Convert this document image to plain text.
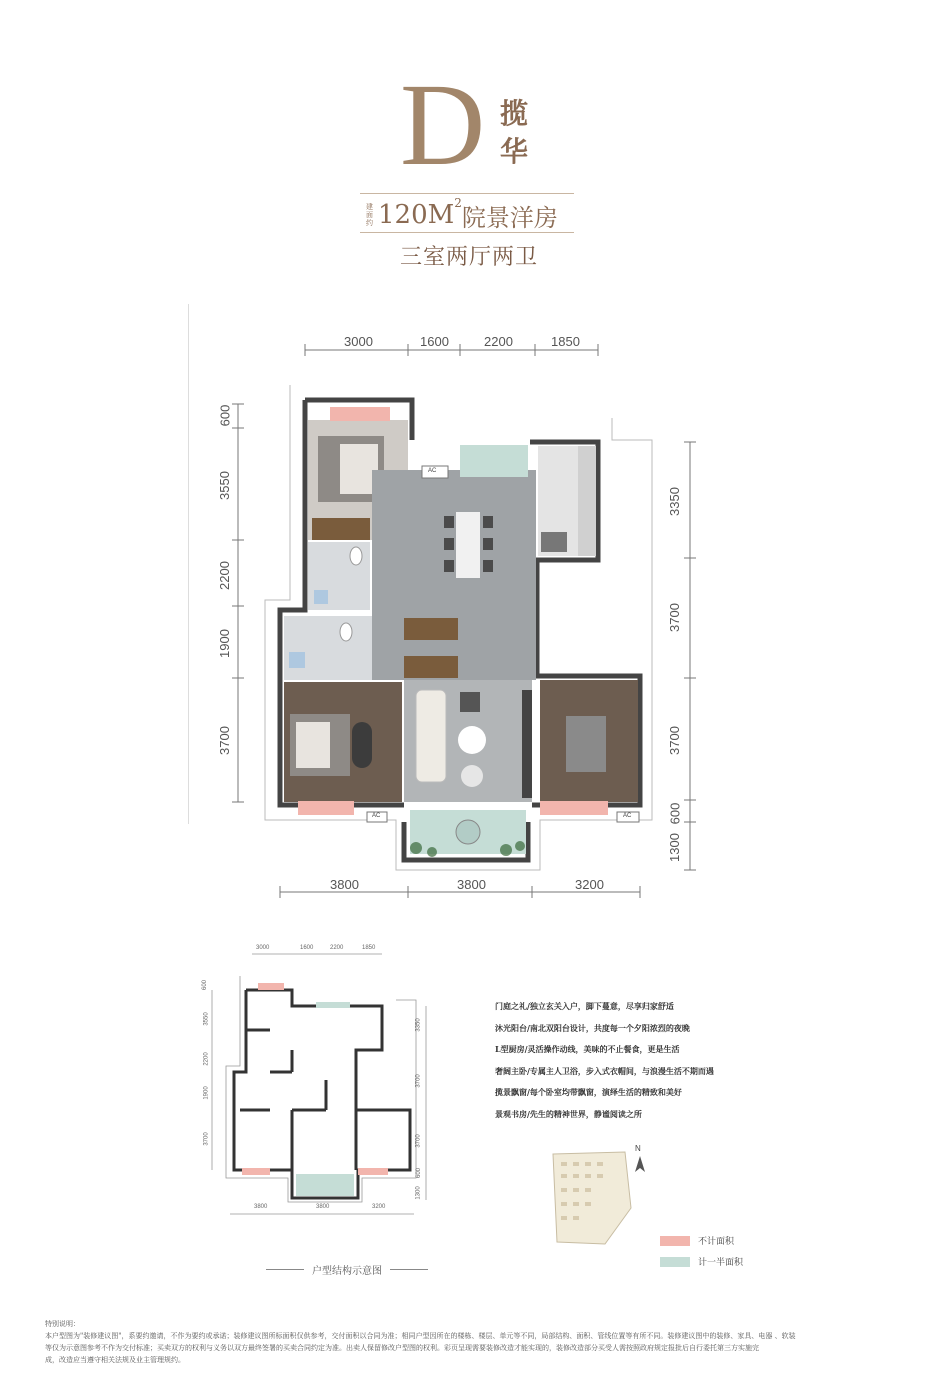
D 揽
华
建面约 120M 2
院景洋房
三室两厅两卫
AC
AC	AC
3000	1600	2200	1850
3800	3800	3200
600
3550
2200
1900
3700
3350
3700
3700
600
1300
3000	1600	2200	1850
3800	3800	3200
600
3550
2200
1900
3700
3350
3700
3700
600
1300
户型结构示意图
门庭之礼/独立玄关入户，脚下蔓意，尽享归家舒适
沐光阳台/南北双阳台设计，共度每一个夕阳浓烈的夜晚
L型厨房/灵活操作动线，美味的不止餐食，更是生活
奢阔主卧/专属主人卫浴，步入式衣帽间，与浪漫生活不期而遇
揽景飘窗/每个卧室均带飘窗，演绎生活的精致和美好
景观书房/先生的精神世界，静谧阅读之所
N
不计面积
计一半面积
特别说明：
本户型图为"装修建议图"，系要约邀请，不作为要约或承诺；装修建议图所标面积仅供参考，交付面积以合同为准；相同户型因所在的楼栋、楼层、单元等不同，局部结构、面积、管线位置等有所不同。装修建议图中的装修、家具、电器 、软装
等仅为示意图参考不作为交付标准；买卖双方的权利与义务以双方最终签署的买卖合同约定为准。出卖人保留修改户型图的权利。彩页呈现需要装修改造才能实现的，装修改造部分买受人需按照政府规定报批后自行委托第三方实施完
成，改造应当遵守相关法规及业主管理规约。
